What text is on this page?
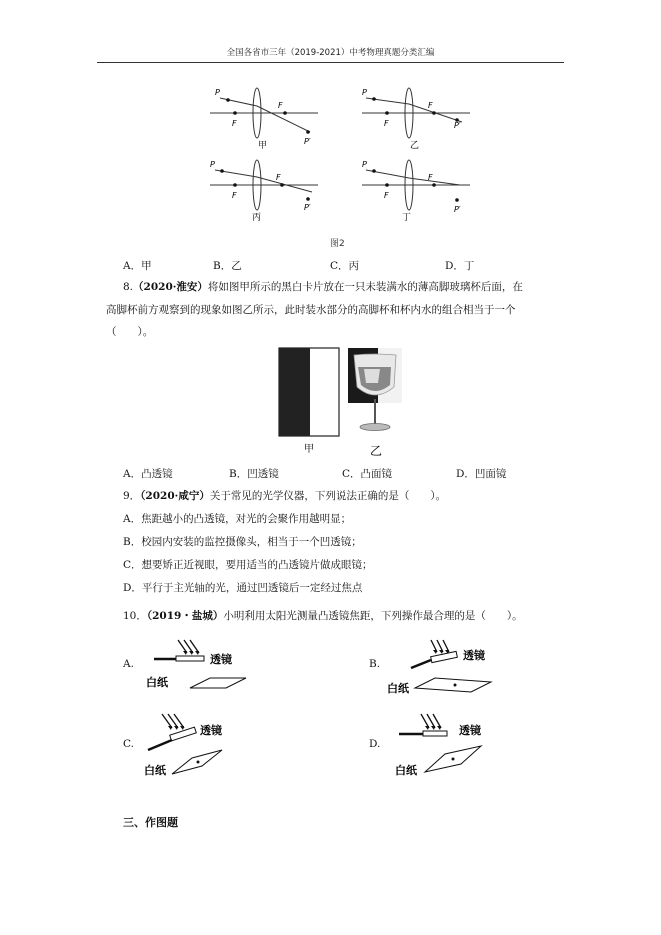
全国各省市三年（2019-2021）中考物理真题分类汇编
P
F
F
P′
甲
P
F
F
P′
乙
P
F
F
P′
丙
P
F
F
P′
丁
图2
A．甲	B．乙	C．丙	D．丁
8.（2020·淮安）将如图甲所示的黑白卡片放在一只未装满水的薄高脚玻璃杯后面，在
高脚杯前方观察到的现象如图乙所示，此时装水部分的高脚杯和杯内水的组合相当于一个
（　　）。
甲	乙
A．凸透镜	B．凹透镜	C．凸面镜	D．凹面镜
9．（2020·咸宁）关于常见的光学仪器，下列说法正确的是（　　）。
A．焦距越小的凸透镜，对光的会聚作用越明显；
B．校园内安装的监控摄像头，相当于一个凹透镜；
C．想要矫正近视眼，要用适当的凸透镜片做成眼镜；
D．平行于主光轴的光，通过凹透镜后一定经过焦点
10．（2019・盐城）小明利用太阳光测量凸透镜焦距，下列操作最合理的是（　　）。
A.	透镜
白纸
B.
透镜
白纸
C.
透镜
白纸
D.
透镜
白纸
三、作图题
